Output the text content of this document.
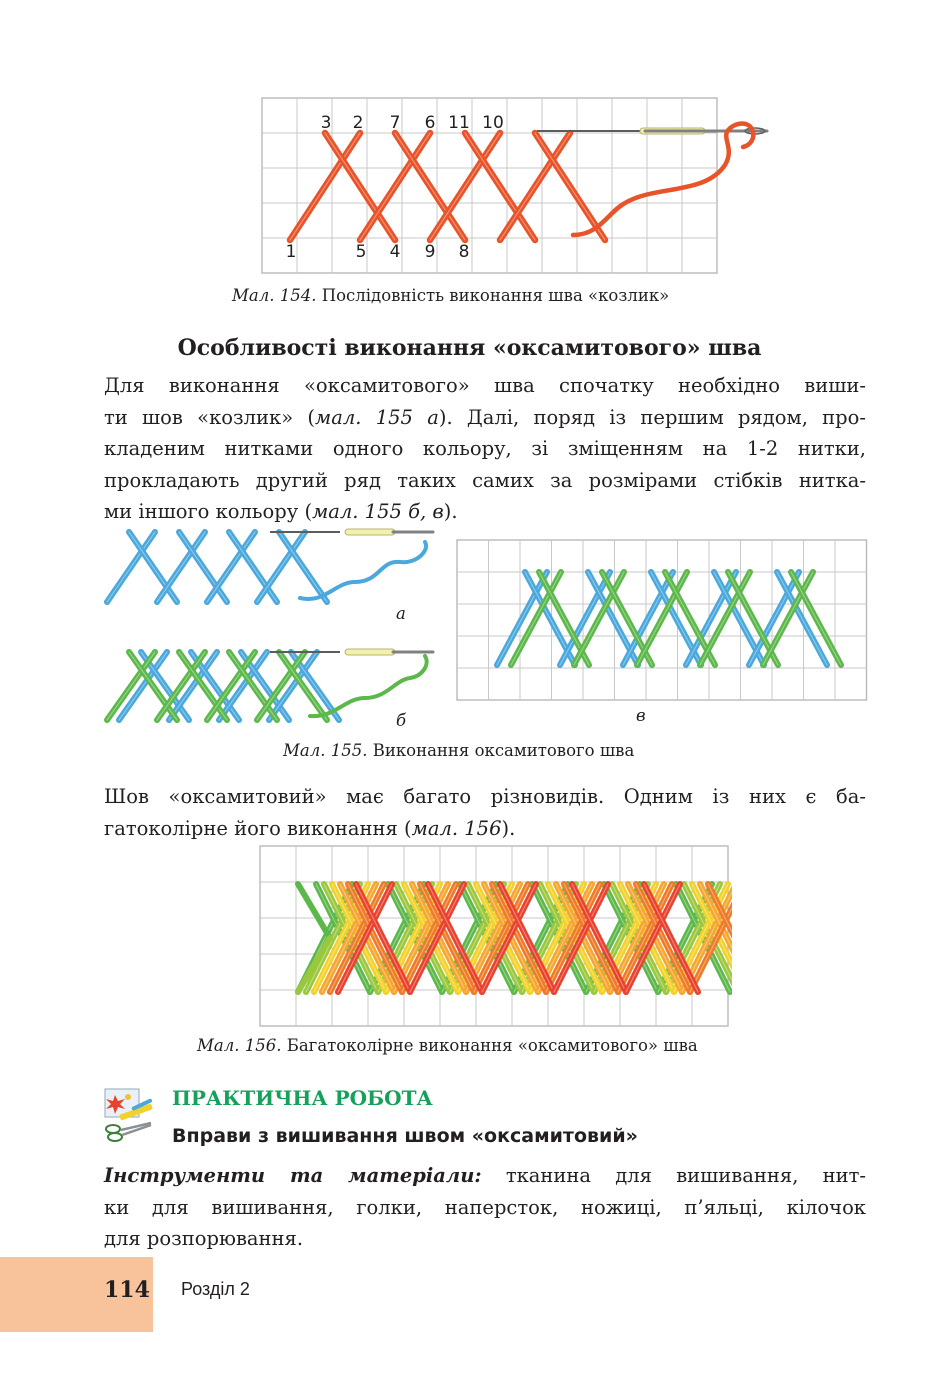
3 2 7 6 11 10
1	5 4 9 8
Мал. 154. Послідовність виконання шва «козлик»
Особливості виконання «оксамитового» шва
Для виконання «оксамитового» шва спочатку необхідно виши-
ти шов «козлик» (мал. 155 а). Далі, поряд із першим рядом, про-
кладеним нитками одного кольору, зі зміщенням на 1-2 нитки,
прокладають другий ряд таких самих за розмірами стібків нитка-
ми іншого кольору (мал. 155 б, в).
а
б	в
Мал. 155. Виконання оксамитового шва
Шов «оксамитовий» має багато різновидів. Одним із них є ба-
гатоколірне його виконання (мал. 156).
Мал. 156. Багатоколірне виконання «оксамитового» шва
ПРАКТИЧНА РОБОТА
Вправи з вишивання швом «оксамитовий»
Інструменти та матеріали: тканина для вишивання, нит-
ки для вишивання, голки, наперсток, ножиці, п’яльці, кілочок
для розпорювання.
114 Розділ 2
